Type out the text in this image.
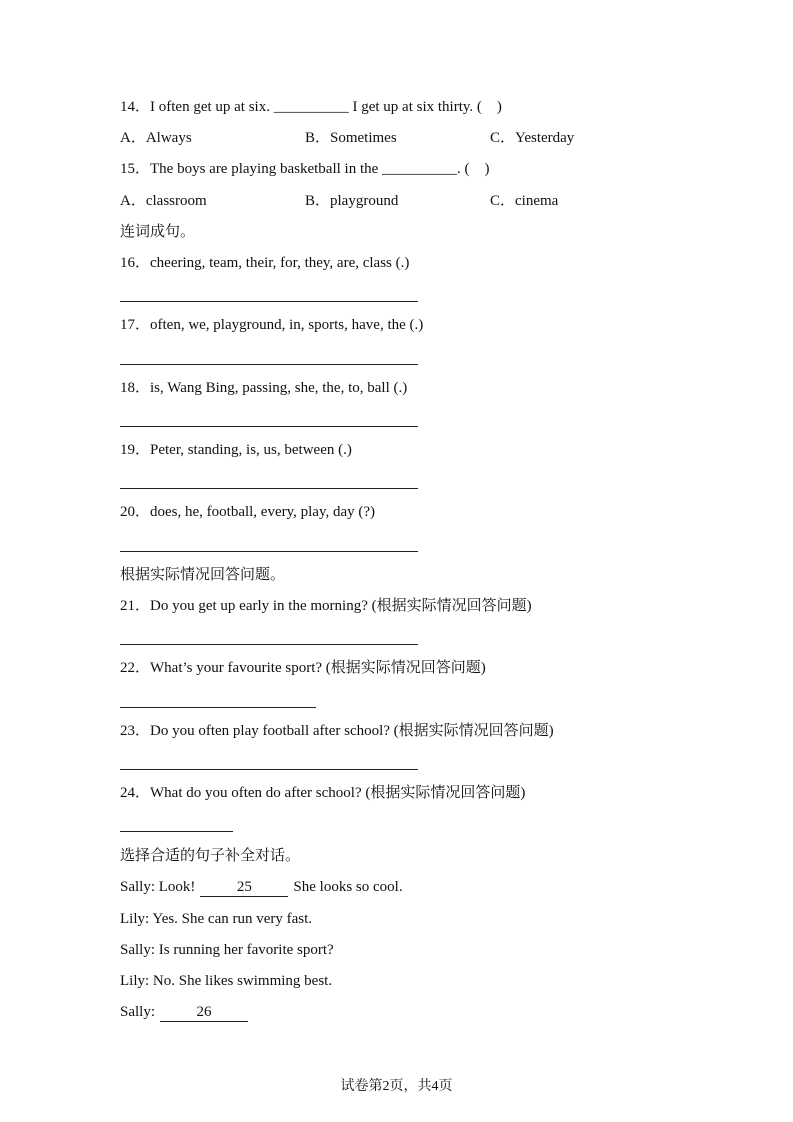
14．I often get up at six. __________ I get up at six thirty. (　)
A．Always	B．Sometimes	C．Yesterday
15．The boys are playing basketball in the __________. (　)
A．classroom	B．playground	C．cinema
连词成句。
16．cheering, team, their, for, they, are, class (.)
17．often, we, playground, in, sports, have, the (.)
18．is, Wang Bing, passing, she, the, to, ball (.)
19．Peter, standing, is, us, between (.)
20．does, he, football, every, play, day (?)
根据实际情况回答问题。
21．Do you get up early in the morning? (根据实际情况回答问题)
22．What’s your favourite sport? (根据实际情况回答问题)
23．Do you often play football after school? (根据实际情况回答问题)
24．What do you often do after school? (根据实际情况回答问题)
选择合适的句子补全对话。
Sally: Look!	25	She looks so cool.
Lily: Yes. She can run very fast.
Sally: Is running her favorite sport?
Lily: No. She likes swimming best.
Sally:	26
试卷第2页，共4页
